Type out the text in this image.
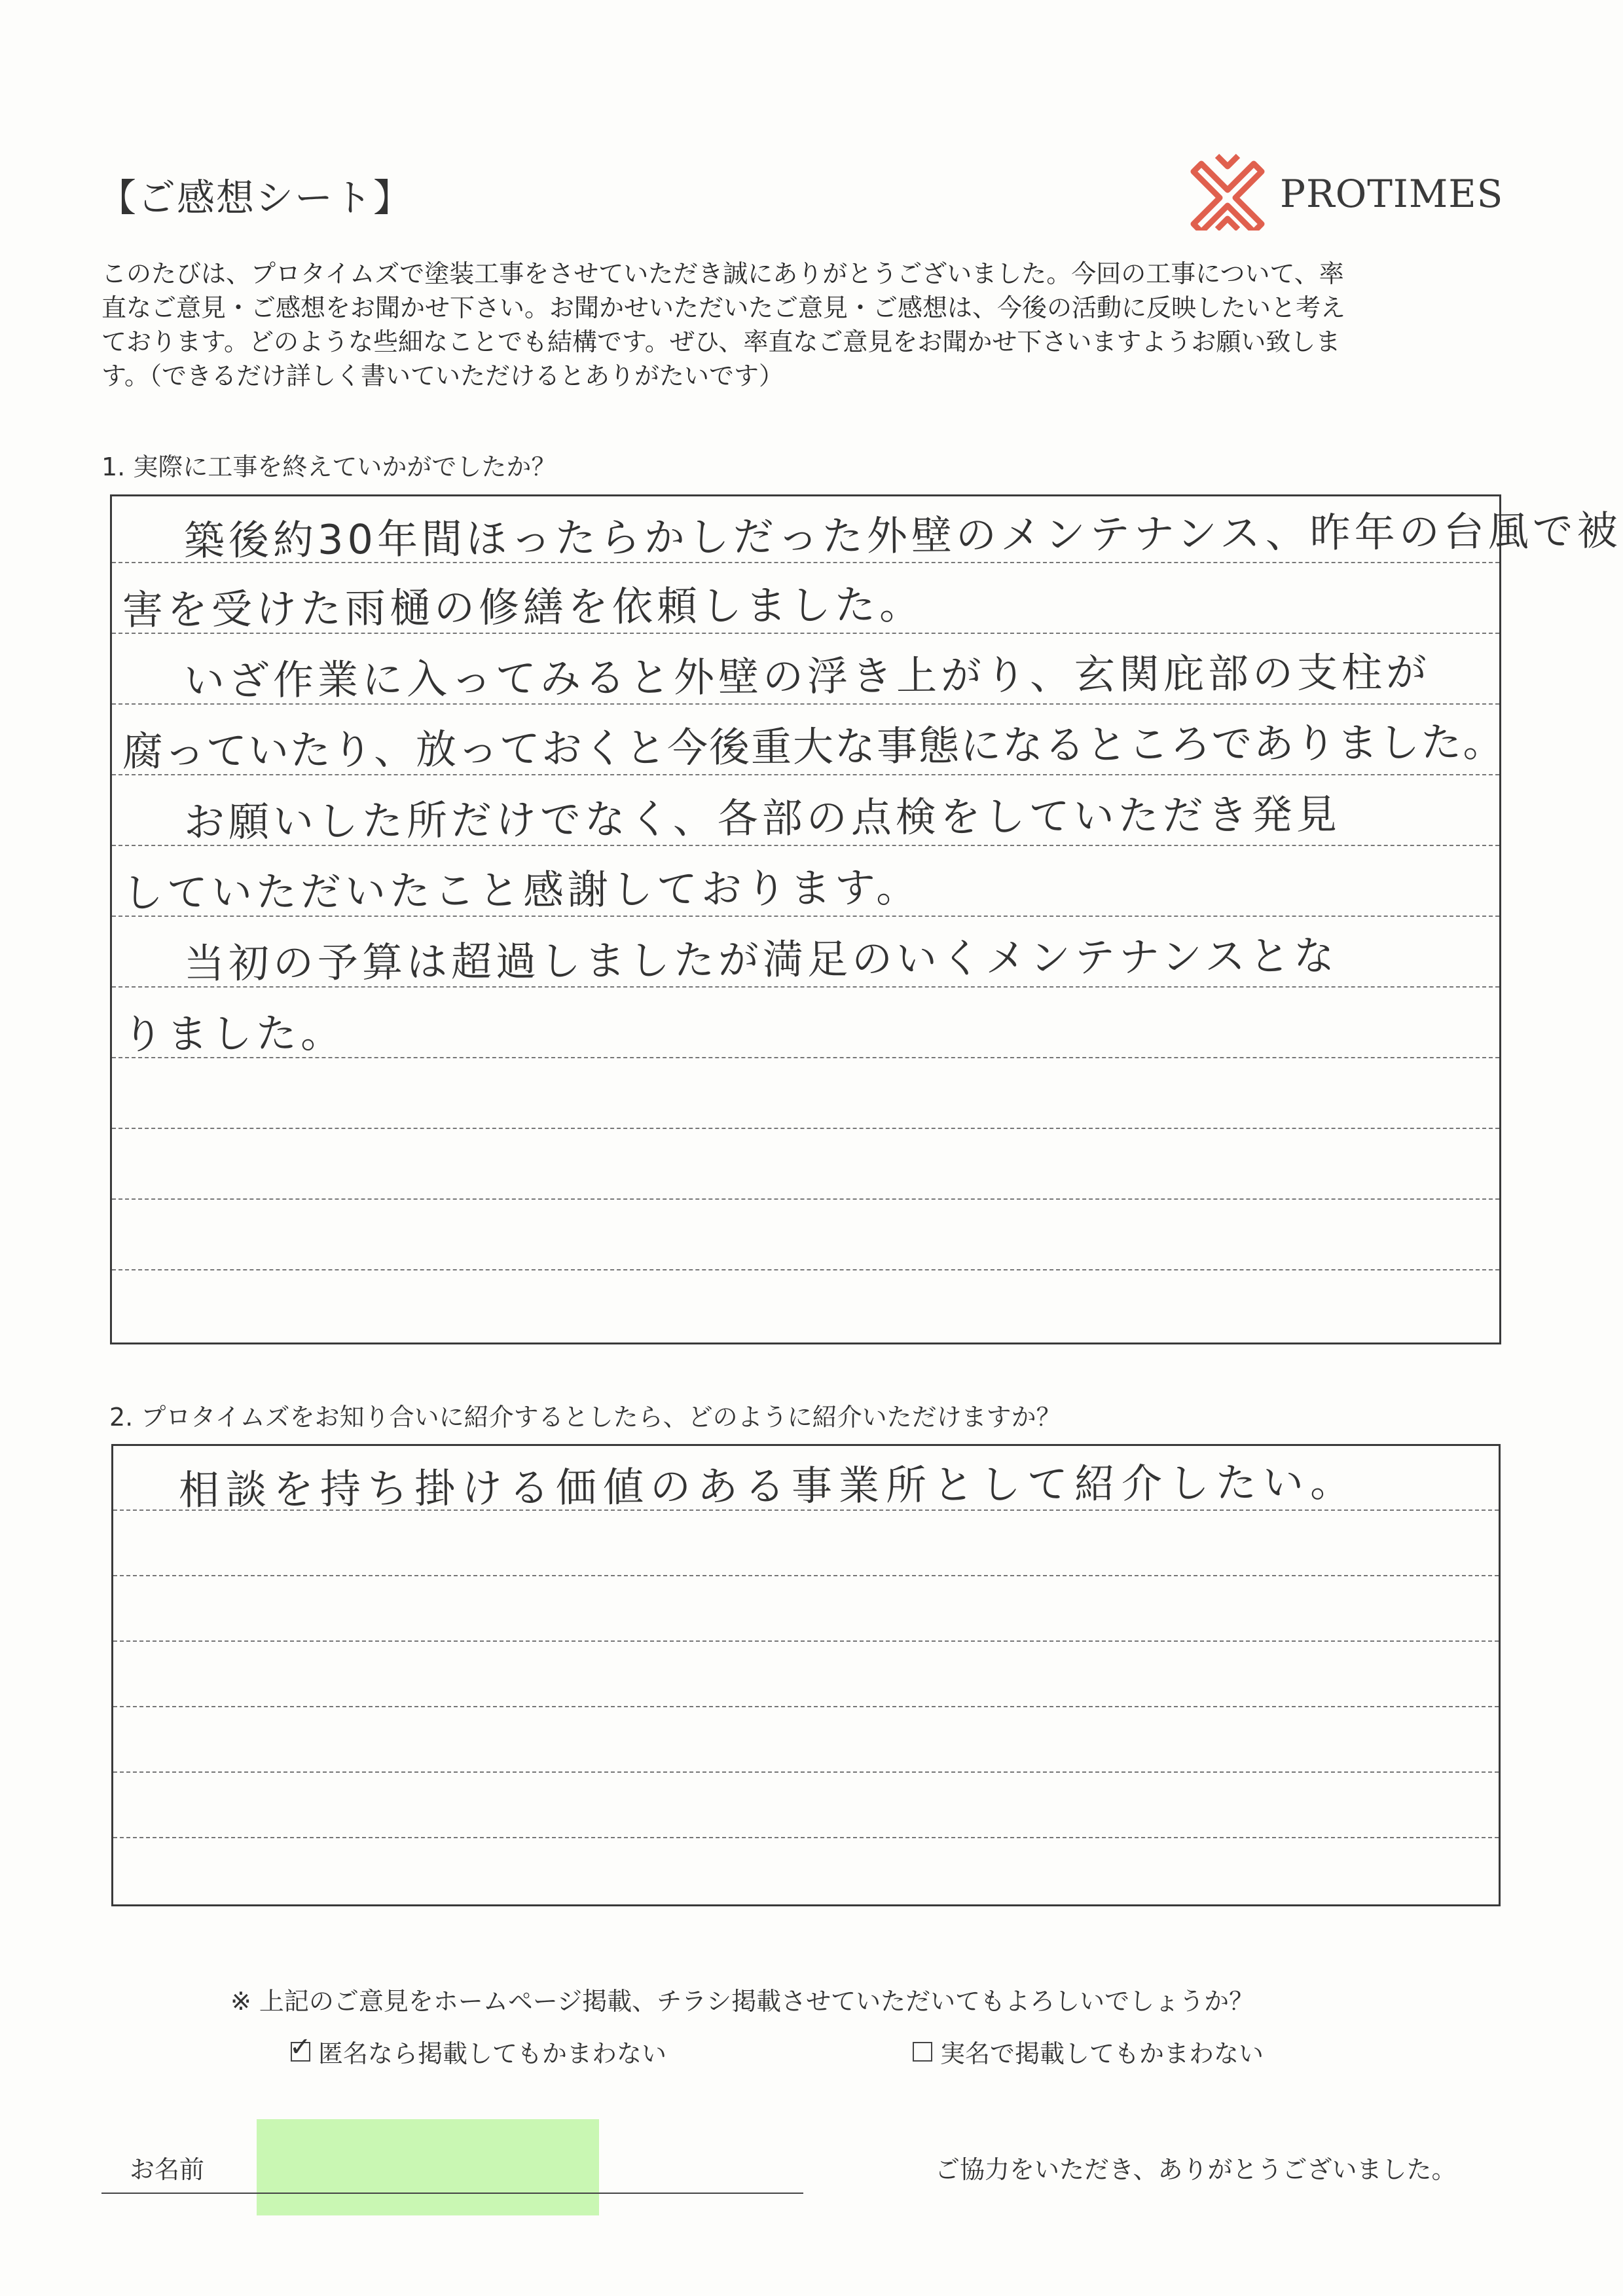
【ご感想シート】	PROTIMES
このたびは、プロタイムズで塗装工事をさせていただき誠にありがとうございました。今回の工事について、率
直なご意見・ご感想をお聞かせ下さい。お聞かせいただいたご意見・ご感想は、今後の活動に反映したいと考え
ております。どのような些細なことでも結構です。ぜひ、率直なご意見をお聞かせ下さいますようお願い致しま
す。（できるだけ詳しく書いていただけるとありがたいです）
1. 実際に工事を終えていかがでしたか？
築後約30年間ほったらかしだった外壁のメンテナンス、昨年の台風で被
害を受けた雨樋の修繕を依頼しました。
いざ作業に入ってみると外壁の浮き上がり、玄関庇部の支柱が
腐っていたり、放っておくと今後重大な事態になるところでありました。
お願いした所だけでなく、各部の点検をしていただき発見
していただいたこと感謝しております。
当初の予算は超過しましたが満足のいくメンテナンスとな
りました。
2. プロタイムズをお知り合いに紹介するとしたら、どのように紹介いただけますか？
相談を持ち掛ける価値のある事業所として紹介したい。
※ 上記のご意見をホームページ掲載、チラシ掲載させていただいてもよろしいでしょうか？
✓ 匿名なら掲載してもかまわない	実名で掲載してもかまわない
お名前	ご協力をいただき、ありがとうございました。
